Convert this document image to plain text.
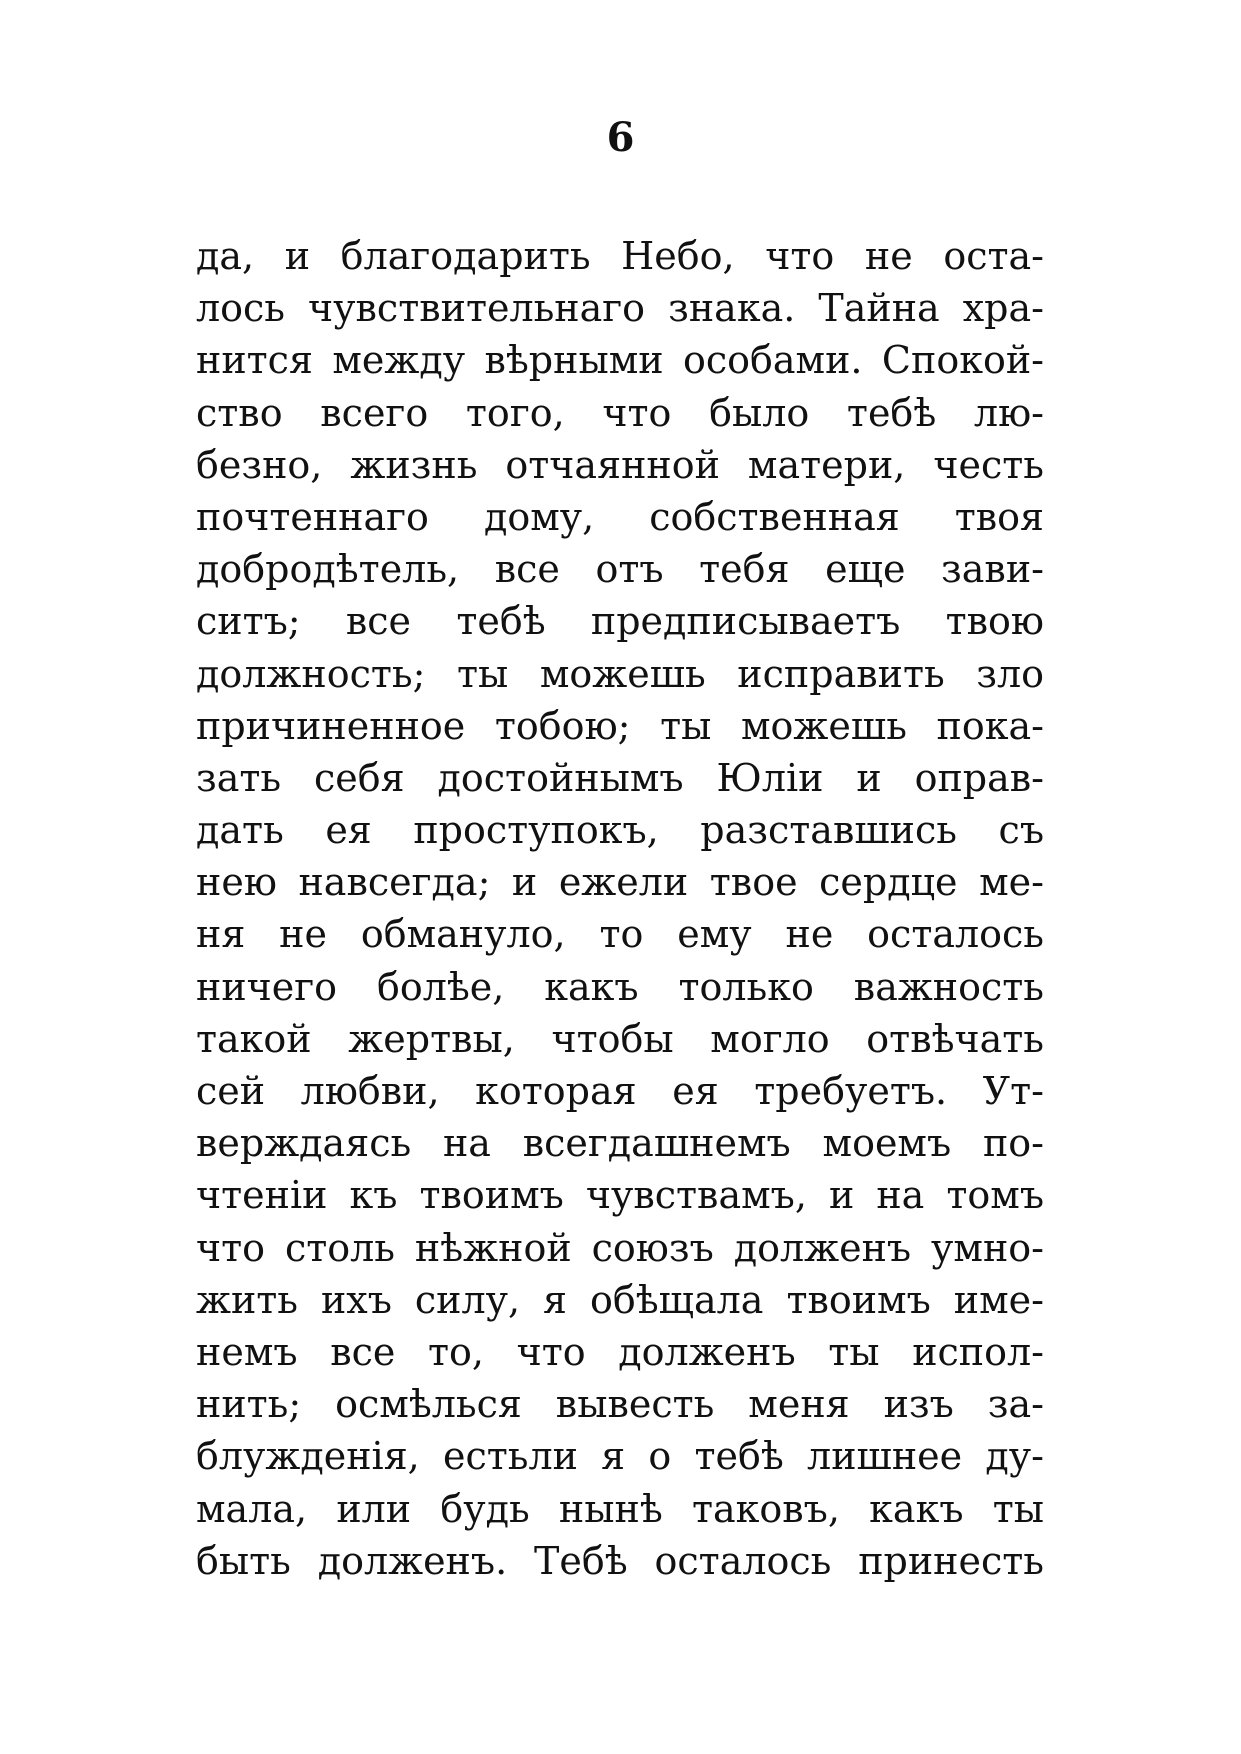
6
да, и благодарить Небо, что не оста-
лось чувствительнаго знака. Тайна хра-
нится между вѣрными особами. Спокой-
ство всего того, что было тебѣ лю-
безно, жизнь отчаянной матери, честь
почтеннаго дому, собственная твоя
добродѣтель, все отъ тебя еще зави-
ситъ; все тебѣ предписываетъ твою
должность; ты можешь исправить зло
причиненное тобою; ты можешь пока-
зать себя достойнымъ Юліи и оправ-
дать ея проступокъ, разставшись съ
нею навсегда; и ежели твое сердце ме-
ня не обмануло, то ему не осталось
ничего болѣе, какъ только важность
такой жертвы, чтобы могло отвѣчать
сей любви, которая ея требуетъ. Ут-
верждаясь на всегдашнемъ моемъ по-
чтеніи къ твоимъ чувствамъ, и на томъ
что столь нѣжной союзъ долженъ умно-
жить ихъ силу, я обѣщала твоимъ име-
немъ все то, что долженъ ты испол-
нить; осмѣлься вывесть меня изъ за-
блужденія, естьли я о тебѣ лишнее ду-
мала, или будь нынѣ таковъ, какъ ты
быть долженъ. Тебѣ осталось принесть
